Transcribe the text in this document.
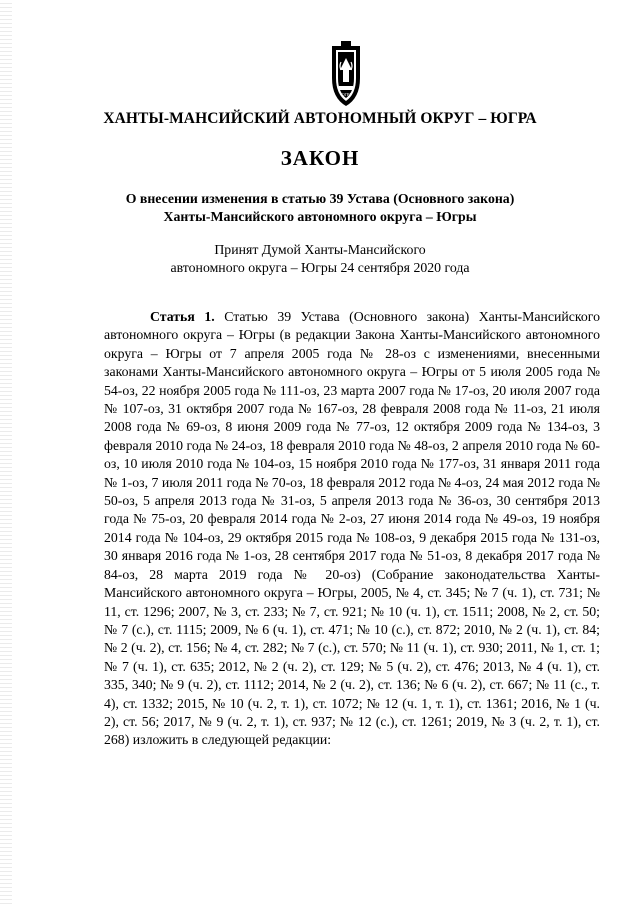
ЮГРА
ХАНТЫ-МАНСИЙСКИЙ АВТОНОМНЫЙ ОКРУГ – ЮГРА
ЗАКОН
О внесении изменения в статью 39 Устава (Основного закона)
Ханты-Мансийского автономного округа – Югры
Принят Думой Ханты-Мансийского
автономного округа – Югры 24 сентября 2020 года
Статья 1. Статью 39 Устава (Основного закона) Ханты-Мансийского автономного округа – Югры (в редакции Закона Ханты-Мансийского автономного округа – Югры от 7 апреля 2005 года № 28-оз с изменениями, внесенными законами Ханты-Мансийского автономного округа – Югры от 5 июля 2005 года № 54-оз, 22 ноября 2005 года № 111-оз, 23 марта 2007 года № 17-оз, 20 июля 2007 года № 107-оз, 31 октября 2007 года № 167-оз, 28 февраля 2008 года № 11-оз, 21 июля 2008 года № 69-оз, 8 июня 2009 года № 77-оз, 12 октября 2009 года № 134-оз, 3 февраля 2010 года № 24-оз, 18 февраля 2010 года № 48-оз, 2 апреля 2010 года № 60-оз, 10 июля 2010 года № 104-оз, 15 ноября 2010 года № 177-оз, 31 января 2011 года № 1-оз, 7 июля 2011 года № 70-оз, 18 февраля 2012 года № 4-оз, 24 мая 2012 года № 50-оз, 5 апреля 2013 года № 31-оз, 5 апреля 2013 года № 36-оз, 30 сентября 2013 года № 75-оз, 20 февраля 2014 года № 2-оз, 27 июня 2014 года № 49-оз, 19 ноября 2014 года № 104-оз, 29 октября 2015 года № 108-оз, 9 декабря 2015 года № 131-оз, 30 января 2016 года № 1-оз, 28 сентября 2017 года № 51-оз, 8 декабря 2017 года № 84-оз, 28 марта 2019 года № 20-оз) (Собрание законодательства Ханты-Мансийского автономного округа – Югры, 2005, № 4, ст. 345; № 7 (ч. 1), ст. 731; № 11, ст. 1296; 2007, № 3, ст. 233; № 7, ст. 921; № 10 (ч. 1), ст. 1511; 2008, № 2, ст. 50; № 7 (с.), ст. 1115; 2009, № 6 (ч. 1), ст. 471; № 10 (с.), ст. 872; 2010, № 2 (ч. 1), ст. 84; № 2 (ч. 2), ст. 156; № 4, ст. 282; № 7 (с.), ст. 570; № 11 (ч. 1), ст. 930; 2011, № 1, ст. 1; № 7 (ч. 1), ст. 635; 2012, № 2 (ч. 2), ст. 129; № 5 (ч. 2), ст. 476; 2013, № 4 (ч. 1), ст. 335, 340; № 9 (ч. 2), ст. 1112; 2014, № 2 (ч. 2), ст. 136; № 6 (ч. 2), ст. 667; № 11 (с., т. 4), ст. 1332; 2015, № 10 (ч. 2, т. 1), ст. 1072; № 12 (ч. 1, т. 1), ст. 1361; 2016, № 1 (ч. 2), ст. 56; 2017, № 9 (ч. 2, т. 1), ст. 937; № 12 (с.), ст. 1261; 2019, № 3 (ч. 2, т. 1), ст. 268) изложить в следующей редакции:
